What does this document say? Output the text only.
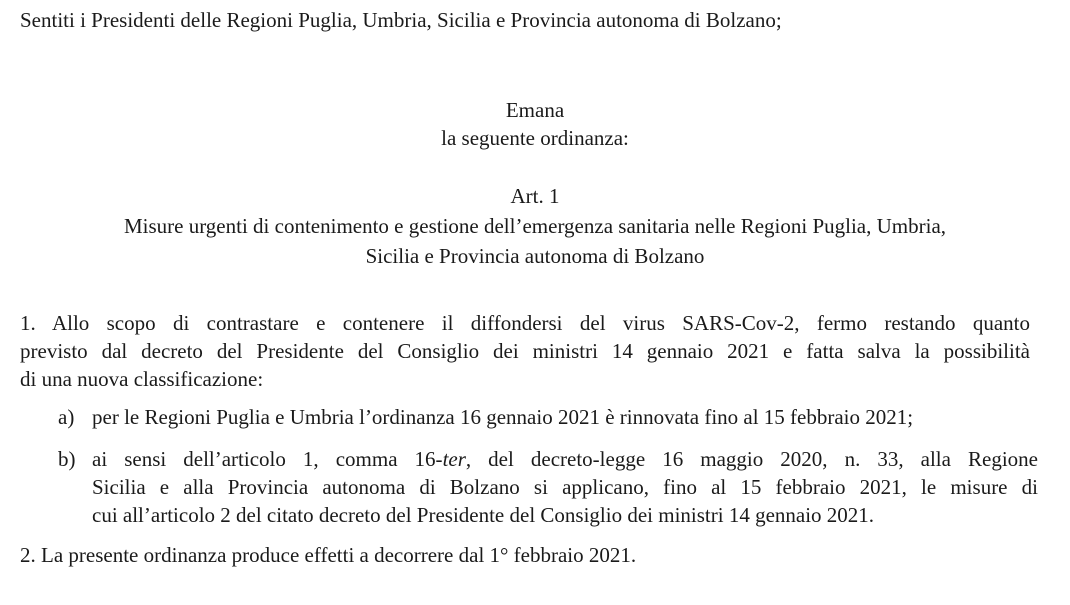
Sentiti i Presidenti delle Regioni Puglia, Umbria, Sicilia e Provincia autonoma di Bolzano;
Emana
la seguente ordinanza:
Art. 1
Misure urgenti di contenimento e gestione dell’emergenza sanitaria nelle Regioni Puglia, Umbria,
Sicilia e Provincia autonoma di Bolzano
1. Allo scopo di contrastare e contenere il diffondersi del virus SARS-Cov-2, fermo restando quanto
previsto dal decreto del Presidente del Consiglio dei ministri 14 gennaio 2021 e fatta salva la possibilità
di una nuova classificazione:
a) per le Regioni Puglia e Umbria l’ordinanza 16 gennaio 2021 è rinnovata fino al 15 febbraio 2021;
b) ai sensi dell’articolo 1, comma 16-ter, del decreto-legge 16 maggio 2020, n. 33, alla Regione
Sicilia e alla Provincia autonoma di Bolzano si applicano, fino al 15 febbraio 2021, le misure di
cui all’articolo 2 del citato decreto del Presidente del Consiglio dei ministri 14 gennaio 2021.
2. La presente ordinanza produce effetti a decorrere dal 1° febbraio 2021.
